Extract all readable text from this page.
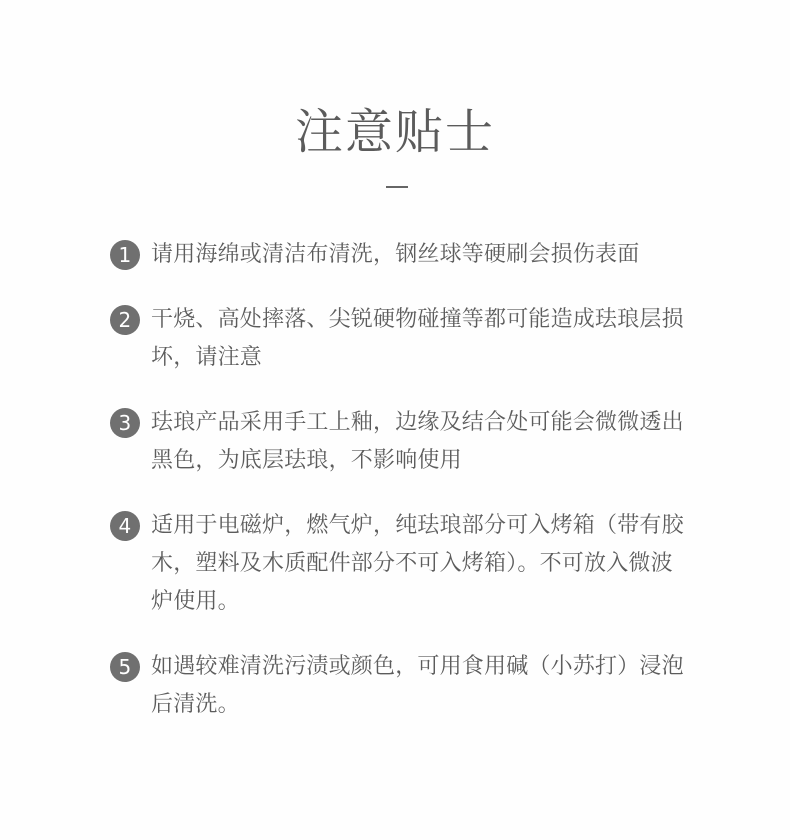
注意贴士
1 请用海绵或清洁布清洗，钢丝球等硬刷会损伤表面
2 干烧、高处摔落、尖锐硬物碰撞等都可能造成珐琅层损坏，请注意
3 珐琅产品采用手工上釉，边缘及结合处可能会微微透出黑色，为底层珐琅，不影响使用
4 适用于电磁炉，燃气炉，纯珐琅部分可入烤箱（带有胶木，塑料及木质配件部分不可入烤箱）。不可放入微波炉使用。
5 如遇较难清洗污渍或颜色，可用食用碱（小苏打）浸泡后清洗。
